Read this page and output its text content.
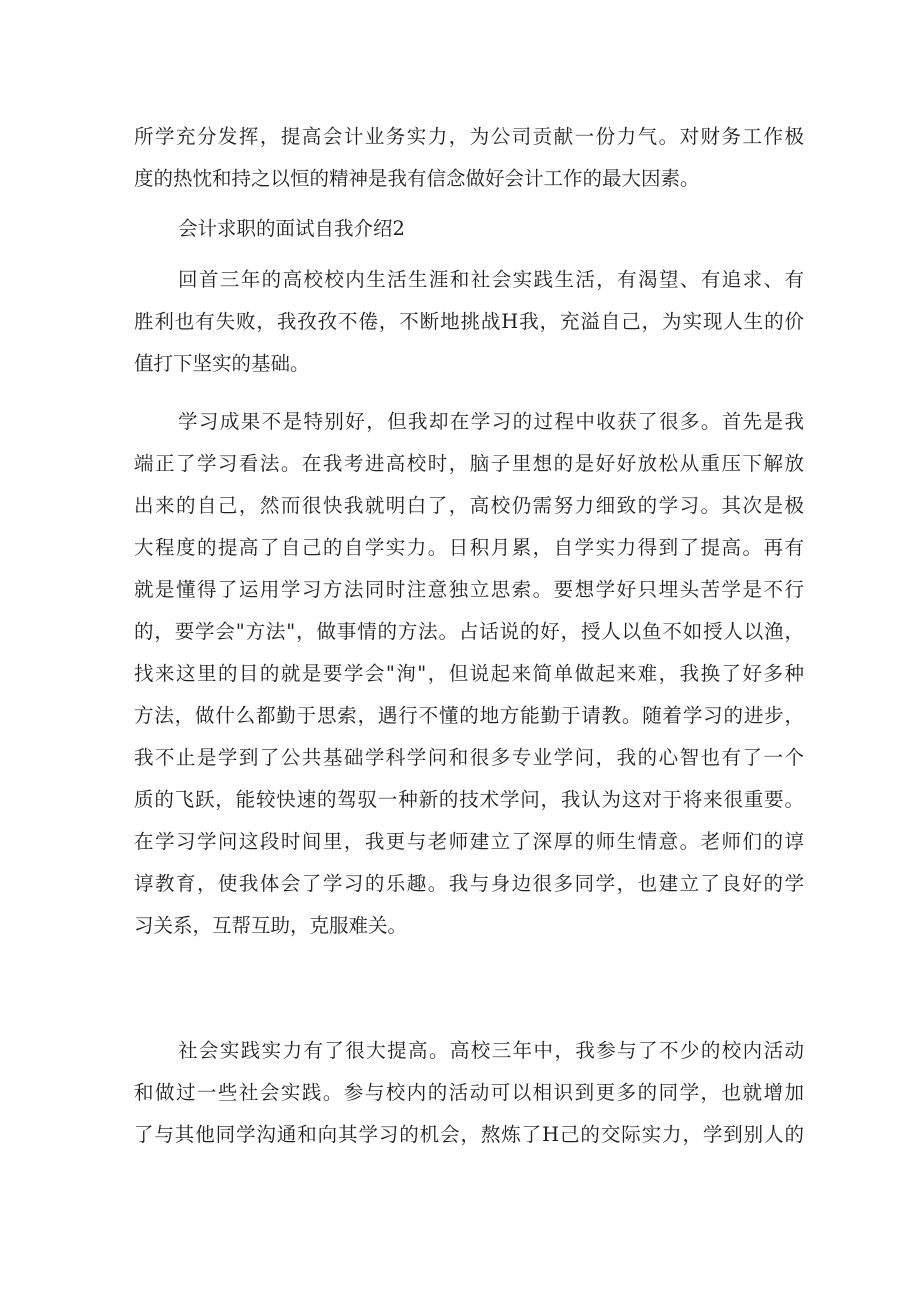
所学充分发挥，提高会计业务实力，为公司贡献一份力气。对财务工作极
度的热忱和持之以恒的精神是我有信念做好会计工作的最大因素。
会计求职的面试自我介绍2
回首三年的高校校内生活生涯和社会实践生活，有渴望、有追求、有
胜利也有失败，我孜孜不倦，不断地挑战H我，充溢自己，为实现人生的价
值打下坚实的基础。
学习成果不是特别好，但我却在学习的过程中收获了很多。首先是我
端正了学习看法。在我考进高校时，脑子里想的是好好放松从重压下解放
出来的自己，然而很快我就明白了，高校仍需努力细致的学习。其次是极
大程度的提高了自己的自学实力。日积月累，自学实力得到了提高。再有
就是懂得了运用学习方法同时注意独立思索。要想学好只埋头苦学是不行
的，要学会"方法"，做事情的方法。占话说的好，授人以鱼不如授人以渔，
找来这里的目的就是要学会"洵"，但说起来简单做起来难，我换了好多种
方法，做什么都勤于思索，遇行不懂的地方能勤于请教。随着学习的进步，
我不止是学到了公共基础学科学问和很多专业学问，我的心智也有了一个
质的飞跃，能较快速的驾驭一种新的技术学问，我认为这对于将来很重要。
在学习学问这段时间里，我更与老师建立了深厚的师生情意。老师们的谆
谆教育，使我体会了学习的乐趣。我与身边很多同学，也建立了良好的学
习关系，互帮互助，克服难关。
社会实践实力有了很大提高。高校三年中，我参与了不少的校内活动
和做过一些社会实践。参与校内的活动可以相识到更多的同学，也就增加
了与其他同学沟通和向其学习的机会，熬炼了H己的交际实力，学到别人的
